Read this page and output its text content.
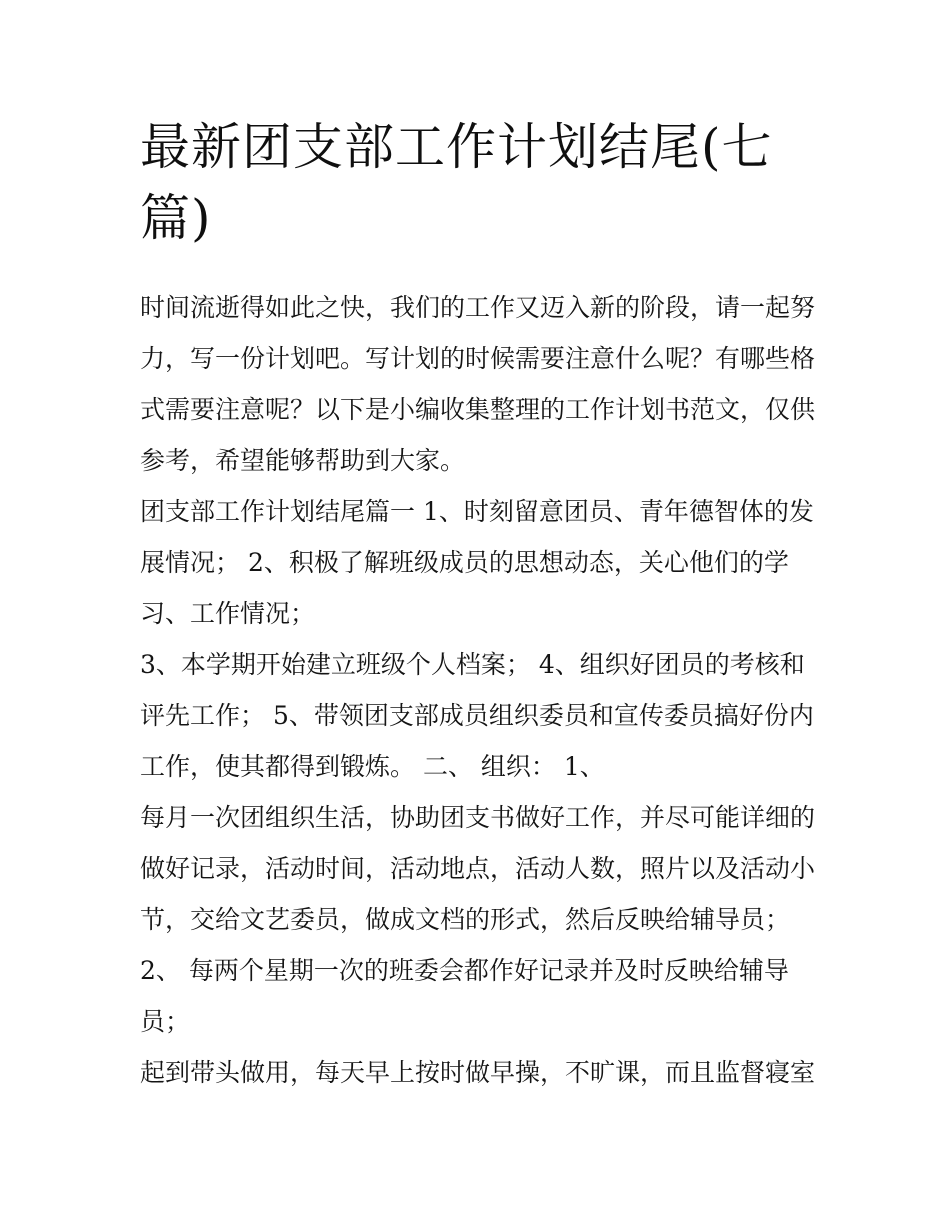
最新团支部工作计划结尾(七
篇)

时间流逝得如此之快，我们的工作又迈入新的阶段，请一起努
力，写一份计划吧。写计划的时候需要注意什么呢？有哪些格
式需要注意呢？以下是小编收集整理的工作计划书范文，仅供
参考，希望能够帮助到大家。

团支部工作计划结尾篇一 1、时刻留意团员、青年德智体的发
展情况； 2、积极了解班级成员的思想动态，关心他们的学
习、工作情况；

3、本学期开始建立班级个人档案； 4、组织好团员的考核和
评先工作； 5、带领团支部成员组织委员和宣传委员搞好份内
工作，使其都得到锻炼。 二、 组织： 1、

每月一次团组织生活，协助团支书做好工作，并尽可能详细的
做好记录，活动时间，活动地点，活动人数，照片以及活动小
节，交给文艺委员，做成文档的形式，然后反映给辅导员；

2、 每两个星期一次的班委会都作好记录并及时反映给辅导
员；

起到带头做用，每天早上按时做早操，不旷课，而且监督寝室
